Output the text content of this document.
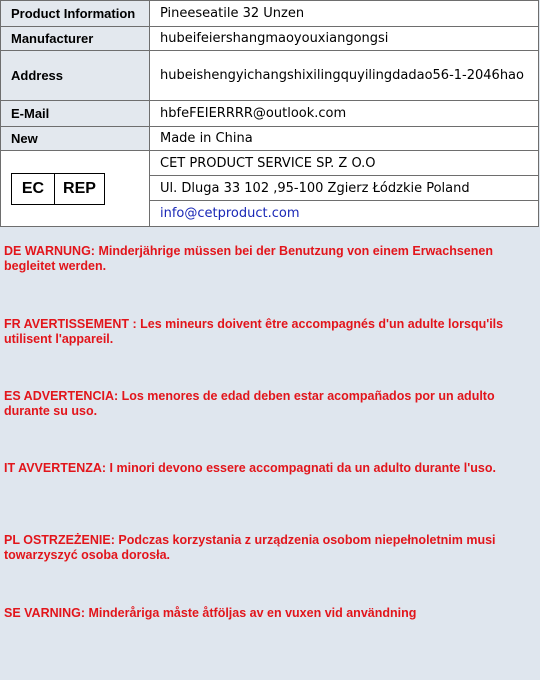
Product Information	Pineeseatile 32 Unzen
Manufacturer	hubeifeiershangmaoyouxiangongsi
Address	hubeishengyichangshixilingquyilingdadao56-1-2046hao
E-Mail	hbfeFEIERRRR@outlook.com
New	Made in China

EC REP	CET PRODUCT SERVICE SP. Z O.O
	Ul. Dluga 33 102 ,95-100 Zgierz Łódzkie Poland
	info@cetproduct.com
DE WARNUNG: Minderjährige müssen bei der Benutzung von einem Erwachsenen begleitet werden.
FR AVERTISSEMENT : Les mineurs doivent être accompagnés d'un adulte lorsqu'ils utilisent l'appareil.
ES ADVERTENCIA: Los menores de edad deben estar acompañados por un adulto durante su uso.
IT AVVERTENZA: I minori devono essere accompagnati da un adulto durante l'uso.
PL OSTRZEŻENIE: Podczas korzystania z urządzenia osobom niepełnoletnim musi towarzyszyć osoba dorosła.
SE VARNING: Minderåriga måste åtföljas av en vuxen vid användning
